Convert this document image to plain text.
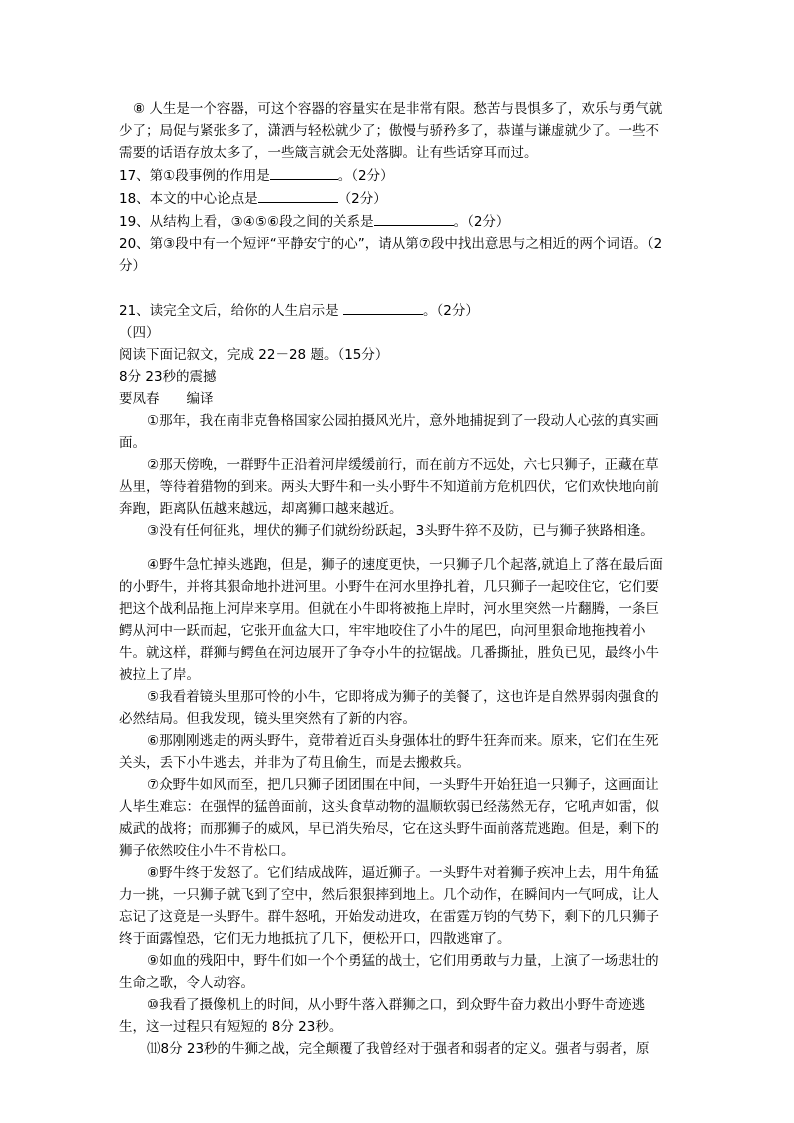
⑧ 人生是一个容器，可这个容器的容量实在是非常有限。愁苦与畏惧多了，欢乐与勇气就少了；局促与紧张多了，潇洒与轻松就少了；傲慢与骄矜多了，恭谨与谦虚就少了。一些不需要的话语存放太多了，一些箴言就会无处落脚。让有些话穿耳而过。

17、第①段事例的作用是	。（2分）

18、本文的中心论点是	（2分）

19、从结构上看，③④⑤⑥段之间的关系是	。（2分）

20、第③段中有一个短评“平静安宁的心”，请从第⑦段中找出意思与之相近的两个词语。（2分）

21、读完全文后，给你的人生启示是	。（2分）

（四）

阅读下面记叙文，完成 22－28 题。（15分）

8分 23秒的震撼

要凤春　　编译

①那年，我在南非克鲁格国家公园拍摄风光片，意外地捕捉到了一段动人心弦的真实画面。

②那天傍晚，一群野牛正沿着河岸缓缓前行，而在前方不远处，六七只狮子，正藏在草丛里，等待着猎物的到来。两头大野牛和一头小野牛不知道前方危机四伏，它们欢快地向前奔跑，距离队伍越来越远，却离狮口越来越近。

③没有任何征兆，埋伏的狮子们就纷纷跃起，3头野牛猝不及防，已与狮子狭路相逢。

④野牛急忙掉头逃跑，但是，狮子的速度更快，一只狮子几个起落,就追上了落在最后面的小野牛，并将其狠命地扑进河里。小野牛在河水里挣扎着，几只狮子一起咬住它，它们要把这个战利品拖上河岸来享用。但就在小牛即将被拖上岸时，河水里突然一片翻腾，一条巨鳄从河中一跃而起，它张开血盆大口，牢牢地咬住了小牛的尾巴，向河里狠命地拖拽着小牛。就这样，群狮与鳄鱼在河边展开了争夺小牛的拉锯战。几番撕扯，胜负已见，最终小牛被拉上了岸。

⑤我看着镜头里那可怜的小牛，它即将成为狮子的美餐了，这也许是自然界弱肉强食的必然结局。但我发现，镜头里突然有了新的内容。

⑥那刚刚逃走的两头野牛，竟带着近百头身强体壮的野牛狂奔而来。原来，它们在生死关头，丢下小牛逃去，并非为了苟且偷生，而是去搬救兵。

⑦众野牛如风而至，把几只狮子团团围在中间，一头野牛开始狂追一只狮子，这画面让人毕生难忘：在强悍的猛兽面前，这头食草动物的温顺软弱已经荡然无存，它吼声如雷，似威武的战将；而那狮子的威风，早已消失殆尽，它在这头野牛面前落荒逃跑。但是，剩下的狮子依然咬住小牛不肯松口。

⑧野牛终于发怒了。它们结成战阵，逼近狮子。一头野牛对着狮子疾冲上去，用牛角猛力一挑，一只狮子就飞到了空中，然后狠狠摔到地上。几个动作，在瞬间内一气呵成，让人忘记了这竟是一头野牛。群牛怒吼，开始发动进攻，在雷霆万钧的气势下，剩下的几只狮子终于面露惶恐，它们无力地抵抗了几下，便松开口，四散逃窜了。

⑨如血的残阳中，野牛们如一个个勇猛的战士，它们用勇敢与力量，上演了一场悲壮的生命之歌，令人动容。

⑩我看了摄像机上的时间，从小野牛落入群狮之口，到众野牛奋力救出小野牛奇迹逃生，这一过程只有短短的 8分 23秒。

⑾8分 23秒的牛狮之战，完全颠覆了我曾经对于强者和弱者的定义。强者与弱者，原
